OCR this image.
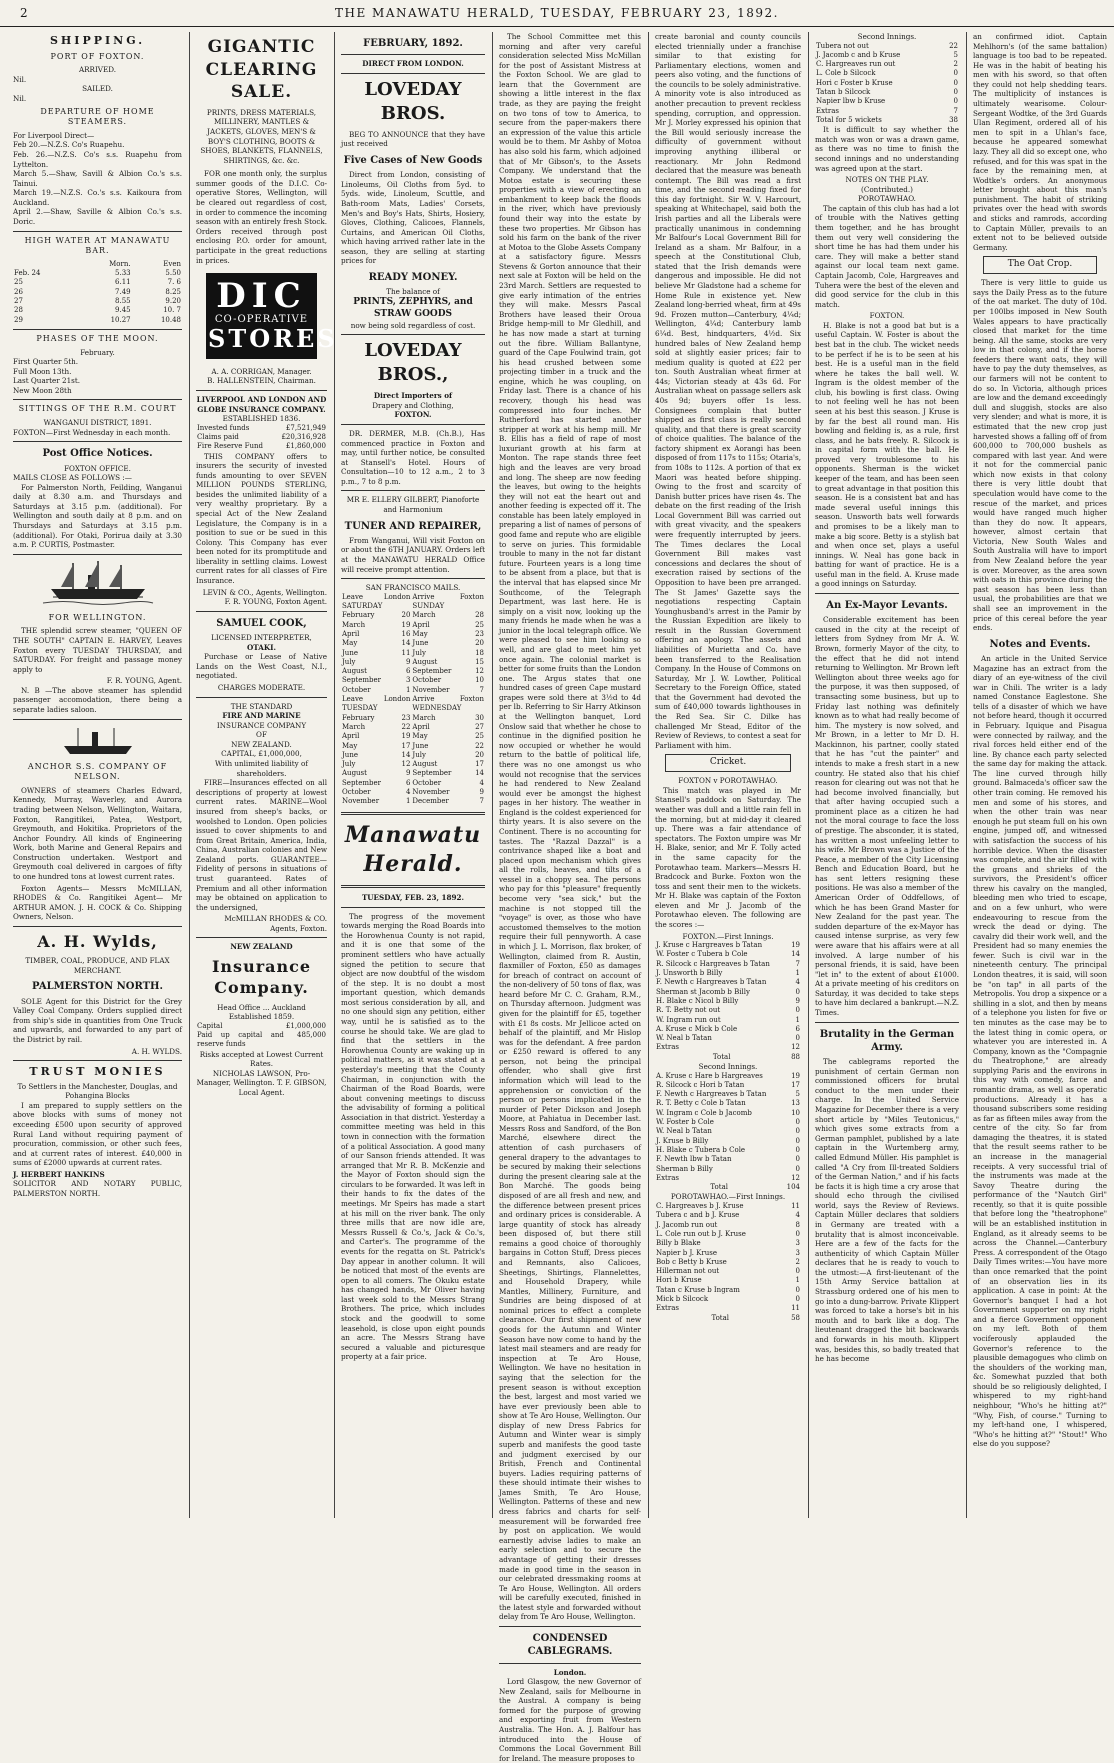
2	THE MANAWATU HERALD, TUESDAY, FEBRUARY 23, 1892.
SHIPPING.
PORT OF FOXTON.
ARRIVED.
Nil.
SAILED.
Nil.
DEPARTURE OF HOME STEAMERS.
For Liverpool Direct—
Feb 20.—N.Z.S. Co's Ruapehu.
Feb. 26.—N.Z.S. Co's s.s. Ruapehu from Lyttelton.
March 5.—Shaw, Savill & Albion Co.'s s.s. Tainui.
March 19.—N.Z.S. Co.'s s.s. Kaikoura from Auckland.
April 2.—Shaw, Saville & Albion Co.'s s.s. Doric.
HIGH WATER AT MANAWATU BAR.
	Morn.	Even
Feb. 24	5.33	5.50
25	6.11	7. 6
26	7.49	8.25
27	8.55	9.20
28	9.45	10. 7
29	10.27	10.48
PHASES OF THE MOON.
February.
First Quarter 5th.
Full Moon 13th.
Last Quarter 21st.
New Moon 28th
SITTINGS OF THE R.M. COURT
WANGANUI DISTRICT, 1891.
FOXTON—First Wednesday in each month.
Post Office Notices.
FOXTON OFFICE.
MAILS CLOSE AS FOLLOWS :—

For Palmerston North, Feilding, Wanganui daily at 8.30 a.m. and Thursdays and Saturdays at 3.15 p.m. (additional). For Wellington and south daily at 8 p.m. and on Thursdays and Saturdays at 3.15 p.m. (additional). For Otaki, Porirua daily at 3.30 a.m. P. CURTIS, Postmaster.

FOR WELLINGTON.

THE splendid screw steamer, "QUEEN OF THE SOUTH" CAPTAIN E. HARVEY, Leaves Foxton every TUESDAY THURSDAY, and SATURDAY. For freight and passage money apply to

F. R. YOUNG, Agent.

N. B —The above steamer has splendid passenger accomodation, there being a separate ladies saloon.

ANCHOR S.S. COMPANY OF NELSON.

OWNERS of steamers Charles Edward, Kennedy, Murray, Waverley, and Aurora trading between Nelson, Wellington, Waitara, Foxton, Rangitikei, Patea, Westport, Greymouth, and Hokitika. Proprietors of the Anchor Foundry. All kinds of Engineering Work, both Marine and General Repairs and Construction undertaken. Westport and Greymouth coal delivered in cargoes of fifty to one hundred tons at lowest current rates.

Foxton Agents— Messrs McMILLAN, RHODES & Co. Rangitikei Agent— Mr ARTHUR AMON. J. H. COCK & Co. Shipping Owners, Nelson.

A. H. Wylds,
TIMBER, COAL, PRODUCE, AND FLAX MERCHANT.
PALMERSTON NORTH.

SOLE Agent for this District for the Grey Valley Coal Company. Orders supplied direct from ship's side in quantities from One Truck and upwards, and forwarded to any part of the District by rail.

A. H. WYLDS.
TRUST MONIES
To Settlers in the Manchester, Douglas, and Pohangina Blocks

I am prepared to supply settlers on the above blocks with sums of money not exceeding £500 upon security of approved Rural Land without requiring payment of procuration, commission, or other such fees, and at current rates of interest. £40,000 in sums of £2000 upwards at current rates.

J. HERBERT HANKINS
SOLICITOR AND NOTARY PUBLIC, PALMERSTON NORTH.
GIGANTIC CLEARING SALE.
PRINTS, DRESS MATERIALS, MILLINERY, MANTLES & JACKETS, GLOVES, MEN'S & BOY'S CLOTHING, BOOTS & SHOES, BLANKETS, FLANNELS, SHIRTINGS, &c. &c.

FOR one month only, the surplus summer goods of the D.I.C. Co-operative Stores, Wellington, will be cleared out regardless of cost, in order to commence the incoming season with an entirely fresh Stock. Orders received through post enclosing P.O. order for amount, participate in the great reductions in prices.

DIC
CO-OPERATIVE
STORES
A. A. CORRIGAN, Manager.
B. HALLENSTEIN, Chairman.
LIVERPOOL AND LONDON AND GLOBE INSURANCE COMPANY.
ESTABLISHED 1836.
Invested funds	£7,521,949
Claims paid	£20,316,928
Fire Reserve Fund	£1,860,000

THIS COMPANY offers to insurers the security of invested funds amounting to over SEVEN MILLION POUNDS STERLING, besides the unlimited liability of a very wealthy proprietary. By a special Act of the New Zealand Legislature, the Company is in a position to sue or be sued in this Colony. This Company has ever been noted for its promptitude and liberality in settling claims. Lowest current rates for all classes of Fire Insurance.

LEVIN & CO., Agents, Wellington. F. R. YOUNG, Foxton Agent.
SAMUEL COOK,
LICENSED INTERPRETER,
OTAKI.

Purchase or Lease of Native Lands on the West Coast, N.I., negotiated.

CHARGES MODERATE.
THE STANDARD
FIRE AND MARINE
INSURANCE COMPANY
OF
NEW ZEALAND.
CAPITAL, £1,000,000,
With unlimited liability of shareholders.

FIRE—Insurances effected on all descriptions of property at lowest current rates. MARINE—Wool insured from sheep's backs, or woolshed to London. Open policies issued to cover shipments to and from Great Britain, America, India, China, Australian colonies and New Zealand ports. GUARANTEE—Fidelity of persons in situations of trust guaranteed. Rates of Premium and all other information may be obtained on application to the undersigned,

McMILLAN RHODES & CO. Agents, Foxton.
NEW ZEALAND
Insurance Company.
Head Office ... Auckland
Established 1859.
Capital	£1,000,000
Paid up capital and reserve funds	485,000
Risks accepted at Lowest Current Rates.
NICHOLAS LAWSON, Pro-Manager, Wellington. T. F. GIBSON, Local Agent.
FEBRUARY, 1892.
DIRECT FROM LONDON.
LOVEDAY BROS.

BEG TO ANNOUNCE that they have just received

Five Cases of New Goods

Direct from London, consisting of Linoleums, Oil Cloths from 5yd. to 5yds. wide, Linoleum, Scuttle, and Bath-room Mats, Ladies' Corsets, Men's and Boy's Hats, Shirts, Hosiery, Gloves, Clothing, Calicoes, Flannels, Curtains, and American Oil Cloths, which having arrived rather late in the season, they are selling at starting prices for

READY MONEY.
The balance of
PRINTS, ZEPHYRS, and STRAW GOODS
now being sold regardless of cost.
LOVEDAY BROS.,
Direct Importers of
Drapery and Clothing,
FOXTON.

DR. DERMER, M.B. (Ch.B.), Has commenced practice in Foxton and may, until further notice, be consulted at Stansell's Hotel. Hours of Consultation—10 to 12 a.m., 2 to 3 p.m., 7 to 8 p.m.

MR E. ELLERY GILBERT, Pianoforte and Harmonium
TUNER AND REPAIRER,

From Wanganui, Will visit Foxton on or about the 6TH JANUARY. Orders left at the MANAWATU HERALD Office will receive prompt attention.

SAN FRANCISCO MAILS.
Leave London SATURDAY		Arrive Foxton SUNDAY	
February	20	March	28
March	19	April	25
April	16	May	23
May	14	June	20
June	11	July	18
July	9	August	15
August	6	September	12
September	3	October	10
October	1	November	7
Leave London TUESDAY		Arrive Foxton WEDNESDAY	
February	23	March	30
March	22	April	27
April	19	May	25
May	17	June	22
June	14	July	20
July	12	August	17
August	9	September	14
September	6	October	4
October	4	November	9
November	1	December	7
Manawatu Herald.
TUESDAY, FEB. 23, 1892.

The progress of the movement towards merging the Road Boards into the Horowhenua County is not rapid, and it is one that some of the prominent settlers who have actually signed the petition to secure that object are now doubtful of the wisdom of the step. It is no doubt a most important question, which demands most serious consideration by all, and no one should sign any petition, either way, until he is satisfied as to the course he should take. We are glad to find that the settlers in the Horowhenua County are waking up in political matters, as it was stated at a yesterday's meeting that the County Chairman, in conjunction with the Chairman of the Road Boards, were about convening meetings to discuss the advisability of forming a political Association in that district. Yesterday a committee meeting was held in this town in connection with the formation of a political Association. A good many of our Sanson friends attended. It was arranged that Mr R. B. McKenzie and the Mayor of Foxton should sign the circulars to be forwarded. It was left in their hands to fix the dates of the meetings. Mr Speirs has made a start at his mill on the river bank. The only three mills that are now idle are, Messrs Russell & Co.'s, Jack & Co.'s, and Carter's. The programme of the events for the regatta on St. Patrick's Day appear in another column. It will be noticed that most of the events are open to all comers. The Okuku estate has changed hands, Mr Oliver having last week sold to the Messrs Strang Brothers. The price, which includes stock and the goodwill to some leasehold, is close upon eight pounds an acre. The Messrs Strang have secured a valuable and picturesque property at a fair price.

The School Committee met this morning and after very careful consideration selected Miss McMillan for the post of Assistant Mistress at the Foxton School. We are glad to learn that the Government are showing a little interest in the flax trade, as they are paying the freight on two tons of tow to America, to secure from the paper-makers there an expression of the value this article would be to them. Mr Ashby of Motoa has also sold his farm, which adjoined that of Mr Gibson's, to the Assets Company. We understand that the Motoa estate is securing these properties with a view of erecting an embankment to keep back the floods in the river, which have previously found their way into the estate by these two properties. Mr Gibson has sold his farm on the bank of the river at Motoa to the Globe Assets Company at a satisfactory figure. Messrs Stevens & Gorton announce that their next sale at Foxton will be held on the 23rd March. Settlers are requested to give early intimation of the entries they will make. Messrs Pascal Brothers have leased their Oroua Bridge hemp-mill to Mr Gledhill, and he has now made a start at turning out the fibre. William Ballantyne, guard of the Cape Foulwind train, got his head crushed between some projecting timber in a truck and the engine, which he was coupling, on Friday last. There is a chance of his recovery, though his head was compressed into four inches. Mr Rutherford has started another stripper at work at his hemp mill. Mr B. Ellis has a field of rape of most luxuriant growth at his farm at Monton. The rape stands three feet high and the leaves are very broad and long. The sheep are now feeding the leaves, but owing to the heights they will not eat the heart out and another feeding is expected off it. The constable has been lately employed in preparing a list of names of persons of good fame and repute who are eligible to serve on juries. This formidable trouble to many in the not far distant future. Fourteen years is a long time to be absent from a place, but that is the interval that has elapsed since Mr Southcome, of the Telegraph Department, was last here. He is simply on a visit now, looking up the many friends he made when he was a junior in the local telegraph office. We were pleased to see him looking so well, and are glad to meet him yet once again. The colonial market is better for some fruits than the London one. The Argus states that one hundred cases of green Cape mustard grapes were sold there at 3½d to 4d per lb. Referring to Sir Harry Atkinson at the Wellington banquet, Lord Onslow said that whether he chose to continue in the dignified position he now occupied or whether he would return to the battle of political life, there was no one amongst us who would not recognise that the services he had rendered to New Zealand would ever be amongst the highest pages in her history. The weather in England is the coldest experienced for thirty years. It is also severe on the Continent. There is no accounting for tastes. The "Razzal Dazzal" is a contrivance shaped like a boat and placed upon mechanism which gives all the rolls, heaves, and tilts of a vessel in a choppy sea. The persons who pay for this "pleasure" frequently become very "sea sick," but the machine is not stopped till the "voyage" is over, as those who have accustomed themselves to the motion require their full pennyworth. A case in which J. L. Morrison, flax broker, of Wellington, claimed from R. Austin, flaxmiller of Foxton, £50 as damages for breach of contract on account of the non-delivery of 50 tons of flax, was heard before Mr C. C. Graham, R.M., on Thursday afternoon. Judgment was given for the plaintiff for £5, together with £1 8s costs. Mr Jellicoe acted on behalf of the plaintiff, and Mr Hislop was for the defendant. A free pardon or £250 reward is offered to any person, not being the principal offender, who shall give first information which will lead to the apprehension or conviction of the person or persons implicated in the murder of Peter Dickson and Joseph Moore, at Pahiatua in December last. Messrs Ross and Sandford, of the Bon Marché, elsewhere direct the attention of cash purchasers of general drapery to the advantages to be secured by making their selections during the present clearing sale at the Bon Marché. The goods being disposed of are all fresh and new, and the difference between present prices and ordinary prices is considerable. A large quantity of stock has already been disposed of, but there still remains a good choice of thoroughly bargains in Cotton Stuff, Dress pieces and Remnants, also Calicoes, Sheetings, Shirtings, Flannelettes, and Household Drapery, while Mantles, Millinery, Furniture, and Sundries are being disposed of at nominal prices to effect a complete clearance. Our first shipment of new goods for the Autumn and Winter Season have now come to hand by the latest mail steamers and are ready for inspection at Te Aro House, Wellington. We have no hesitation in saying that the selection for the present season is without exception the best, largest and most varied we have ever previously been able to show at Te Aro House, Wellington. Our display of new Dress Fabrics for Autumn and Winter wear is simply superb and manifests the good taste and judgment exercised by our British, French and Continental buyers. Ladies requiring patterns of these should intimate their wishes to James Smith, Te Aro House, Wellington. Patterns of these and new dress fabrics and charts for self-measurement will be forwarded free by post on application. We would earnestly advise ladies to make an early selection and to secure the advantage of getting their dresses made in good time in the season in our celebrated dressmaking rooms at Te Aro House, Wellington. All orders will be carefully executed, finished in the latest style and forwarded without delay from Te Aro House, Wellington.

CONDENSED CABLEGRAMS.
London.

Lord Glasgow, the new Governor of New Zealand, sails for Melbourne in the Austral. A company is being formed for the purpose of growing and exporting fruit from Western Australia. The Hon. A. J. Balfour has introduced into the House of Commons the Local Government Bill for Ireland. The measure proposes to

create baronial and county councils elected triennially under a franchise similar to that existing for Parliamentary elections, women and peers also voting, and the functions of the councils to be solely administrative. A minority vote is also introduced as another precaution to prevent reckless spending, corruption, and oppression. Mr J. Morley expressed his opinion that the Bill would seriously increase the difficulty of government without improving anything illiberal or reactionary. Mr John Redmond declared that the measure was beneath contempt. The Bill was read a first time, and the second reading fixed for this day fortnight. Sir W. V. Harcourt, speaking at Whitechapel, said both the Irish parties and all the Liberals were practically unanimous in condemning Mr Balfour's Local Government Bill for Ireland as a sham. Mr Balfour, in a speech at the Constitutional Club, stated that the Irish demands were dangerous and impossible. He did not believe Mr Gladstone had a scheme for Home Rule in existence yet. New Zealand long-berried wheat, firm at 49s 9d. Frozen mutton—Canterbury, 4¼d; Wellington, 4¼d; Canterbury lamb 6¼d. Best, hindquarters, 4½d. Six hundred bales of New Zealand hemp sold at slightly easier prices; fair to medium quality is quoted at £22 per ton. South Australian wheat firmer at 44s; Victorian steady at 43s 6d. For Australian wheat on passage sellers ask 40s 9d; buyers offer 1s less. Consignees complain that butter shipped as first class is really second quality, and that there is great scarcity of choice qualities. The balance of the factory shipment ex Aorangi has been disposed of from 117s to 115s; Otaria's, from 108s to 112s. A portion of that ex Maori was heated before shipping. Owing to the frost and scarcity of Danish butter prices have risen 4s. The debate on the first reading of the Irish Local Government Bill was carried out with great vivacity, and the speakers were frequently interrupted by jeers. The Times declares the Local Government Bill makes vast concessions and declares the shout of execration raised by sections of the Opposition to have been pre arranged. The St James' Gazette says the negotiations respecting Captain Younghusband's arrest in the Pamir by the Russian Expedition are likely to result in the Russian Government offering an apology. The assets and liabilities of Murietta and Co. have been transferred to the Realisation Company. In the House of Commons on Saturday, Mr J. W. Lowther, Political Secretary to the Foreign Office, stated that the Government had devoted the sum of £40,000 towards lighthouses in the Red Sea. Sir C. Dilke has challenged Mr Stead, Editor of the Review of Reviews, to contest a seat for Parliament with him.

Cricket.
FOXTON v POROTAWHAO.

This match was played in Mr Stansell's paddock on Saturday. The weather was dull and a little rain fell in the morning, but at mid-day it cleared up. There was a fair attendance of spectators. The Foxton umpire was Mr H. Blake, senior, and Mr F. Tolly acted in the same capacity for the Porotawhao team. Markers—Messrs H. Bradcock and Burke. Foxton won the toss and sent their men to the wickets. Mr H. Blake was captain of the Foxton eleven and Mr J. Jacomb of the Porotawhao eleven. The following are the scores :—

FOXTON.—First Innings.
J. Kruse c Hargreaves b Tatan	19
W. Foster c Tubera b Cole	14
R. Silcock c Hargreaves b Tatan	7
J. Unsworth b Billy	1
F. Newth c Hargreaves b Tatan	4
Sherman st Jacomb b Billy	0
H. Blake c Nicol b Billy	9
R. T. Betty not out	0
W. Ingram run out	1
A. Kruse c Mick b Cole	6
W. Neal b Tatan	0
Extras	12
Total	88
Second Innings.
A. Kruse c Hare b Hargreaves	19
R. Silcock c Hori b Tatan	17
F. Newth c Hargreaves b Tatan	5
R. T. Betty c Cole b Tatan	13
W. Ingram c Cole b Jacomb	10
W. Foster b Cole	0
W. Neal b Tatan	0
J. Kruse b Billy	0
H. Blake c Tubera b Cole	0
F. Newth lbw b Tatan	0
Sherman b Billy	0
Extras	12
Total	104
POROTAWHAO.—First Innings.
C. Hargreaves b J. Kruse	11
Tubera c and b J. Kruse	4
J. Jacomb run out	8
L. Cole run out b J. Kruse	0
Billy b Blake	3
Napier b J. Kruse	3
Bob c Betty b Kruse	2
Hillerman not out	0
Hori b Kruse	1
Tatan c Kruse b Ingram	0
Mick b Silcock	0
Extras	11
Total	58
Second Innings.
Tubera not out	22
J. Jacomb c and b Kruse	5
C. Hargreaves run out	2
L. Cole b Silcock	0
Hori c Foster b Kruse	0
Tatan b Silcock	0
Napier lbw b Kruse	0
Extras	7
Total for 5 wickets	38

It is difficult to say whether the match was won or was a drawn game, as there was no time to finish the second innings and no understanding was agreed upon at the start.

NOTES ON THE PLAY.
(Contributed.)
POROTAWHAO.

The captain of this club has had a lot of trouble with the Natives getting them together, and he has brought them out very well considering the short time he has had them under his care. They will make a better stand against our local team next game. Captain Jacomb, Cole, Hargreaves and Tuhera were the best of the eleven and did good service for the club in this match.

FOXTON.

H. Blake is not a good bat but is a useful Captain. W. Foster is about the best bat in the club. The wicket needs to be perfect if he is to be seen at his best. He is a useful man in the field where he takes the ball well. W. Ingram is the oldest member of the club, his bowling is first class. Owing to not feeling well he has not been seen at his best this season. J Kruse is by far the best all round man. His bowling and fielding is, as a rule, first class, and he bats freely. R. Silcock is in capital form with the ball. He proved very troublesome to his opponents. Sherman is the wicket keeper of the team, and has been seen to great advantage in that position this season. He is a consistent bat and has made several useful innings this season. Unsworth bats well forwards and promises to be a likely man to make a big score. Betty is a stylish bat and when once set, plays a useful innings. W. Neal has gone back in batting for want of practice. He is a useful man in the field. A. Kruse made a good innings on Saturday.

An Ex-Mayor Levants.

Considerable excitement has been caused in the city at the receipt of letters from Sydney from Mr A. W. Brown, formerly Mayor of the city, to the effect that he did not intend returning to Wellington. Mr Brown left Wellington about three weeks ago for the purpose, it was then supposed, of transacting some business, but up to Friday last nothing was definitely known as to what had really become of him. The mystery is now solved, and Mr Brown, in a letter to Mr D. H. Mackinnon, his partner, coolly stated that he has "cut the painter" and intends to make a fresh start in a new country. He stated also that his chief reason for clearing out was not that he had become involved financially, but that after having occupied such a prominent place as a citizen he had not the moral courage to face the loss of prestige. The absconder, it is stated, has written a most unfeeling letter to his wife. Mr Brown was a Justice of the Peace, a member of the City Licensing Bench and Education Board, but he has sent letters resigning these positions. He was also a member of the American Order of Oddfellows, of which he has been Grand Master for New Zealand for the past year. The sudden departure of the ex-Mayor has caused intense surprise, as very few were aware that his affairs were at all involved. A large number of his personal friends, it is said, have been "let in" to the extent of about £1000. At a private meeting of his creditors on Saturday, it was decided to take steps to have him declared a bankrupt.—N.Z. Times.

Brutality in the German Army.

The cablegrams reported the punishment of certain German non commissioned officers for brutal conduct to the men under their charge. In the United Service Magazine for December there is a very short article by "Miles Teutonicus," which gives some extracts from a German pamphlet, published by a late captain in the Wurtemberg army, called Edmund Müller. His pamphlet is called "A Cry from Ill-treated Soldiers of the German Nation," and if his facts be facts it is high time a cry arose that should echo through the civilised world, says the Review of Reviews. Captain Müller declares that soldiers in Germany are treated with a brutality that is almost inconceivable. Here are a few of the facts for the authenticity of which Captain Müller declares that he is ready to vouch to the utmost:—A first-lieutenant of the 15th Army Service battalion at Strassburg ordered one of his men to go into a dung-barrow. Private Klippert was forced to take a horse's bit in his mouth and to bark like a dog. The lieutenant dragged the bit backwards and forwards in his mouth. Klippert was, besides this, so badly treated that he has become

an confirmed idiot. Captain Mehlhorn's (of the same battalion) language is too bad to be repeated. He was in the habit of beating his men with his sword, so that often they could not help shedding tears. The multiplicity of instances is ultimately wearisome. Colour-Sergeant Wodtke, of the 3rd Guards Ulan Regiment, ordered all of his men to spit in a Uhlan's face, because he appeared somewhat lazy. They all did so except one, who refused, and for this was spat in the face by the remaining men, at Wodtke's orders. An anonymous letter brought about this man's punishment. The habit of striking privates over the head with swords and sticks and ramrods, according to Captain Müller, prevails to an extent not to be believed outside Germany.

The Oat Crop.

There is very little to guide us says the Daily Press as to the future of the oat market. The duty of 10d. per 100lbs imposed in New South Wales appears to have practically closed that market for the time being. All the same, stocks are very low in that colony, and if the horse feeders there want oats, they will have to pay the duty themselves, as our farmers will not be content to do so. In Victoria, although prices are low and the demand exceedingly dull and sluggish, stocks are also very slender; and what is more, it is estimated that the new crop just harvested shows a falling off of from 600,000 to 700,000 bushels as compared with last year. And were it not for the commercial panic which now exists in that colony there is very little doubt that speculation would have come to the rescue of the market, and prices would have ranged much higher than they do now. It appears, however, almost certain that Victoria, New South Wales and South Australia will have to import from New Zealand before the year is over. Moreover, as the area sown with oats in this province during the past season has been less than usual, the probabilities are that we shall see an improvement in the price of this cereal before the year ends.

Notes and Events.

An article in the United Service Magazine has an extract from the diary of an eye-witness of the civil war in Chili. The writer is a lady named Constance Eaglestone. She tells of a disaster of which we have not before heard, though it occurred in February. Iquique and Pisagua were connected by railway, and the rival forces held either end of the line. By chance each party selected the same day for making the attack. The line curved through hilly ground. Balmaceda's officer saw the other train coming. He removed his men and some of his stores, and when the other train was near enough he put steam full on his own engine, jumped off, and witnessed with satisfaction the success of his horrible device. When the disaster was complete, and the air filled with the groans and shrieks of the survivors, the President's officer threw his cavalry on the mangled, bleeding men who tried to escape, and on a few unhurt, who were endeavouring to rescue from the wreck the dead or dying. The cavalry did their work well, and the President had so many enemies the fewer. Such is civil war in the nineteenth century. The principal London theatres, it is said, will soon be "on tap" in all parts of the Metropolis. You drop a sixpence or a shilling in a slot, and then by means of a telephone you listen for five or ten minutes as the case may be to the latest thing in comic opera, or whatever you are interested in. A Company, known as the "Compagnie du Theatrophone," are already supplying Paris and the environs in this way with comedy, farce and romantic drama, as well as operatic productions. Already it has a thousand subscribers some residing as far as fifteen miles away from the centre of the city. So far from damaging the theatres, it is stated that the result seems rather to be an increase in the managerial receipts. A very successful trial of the instruments was made at the Savoy Theatre during the performance of the "Nautch Girl" recently, so that it is quite possible that before long the "theatrophone" will be an established institution in England, as it already seems to be across the Channel.—Canterbury Press. A correspondent of the Otago Daily Times writes:—You have more than once remarked that the point of an observation lies in its application. A case in point: At the Governor's banquet I had a hot Government supporter on my right and a fierce Government opponent on my left. Both of them vociferously applauded the Governor's reference to the plausible demagogues who climb on the shoulders of the working man, &c. Somewhat puzzled that both should be so religiously delighted, I whispered to my right-hand neighbour, "Who's he hitting at?" "Why, Fish, of course." Turning to my left-hand one, I whispered, "Who's he hitting at?" "Stout!" Who else do you suppose?
